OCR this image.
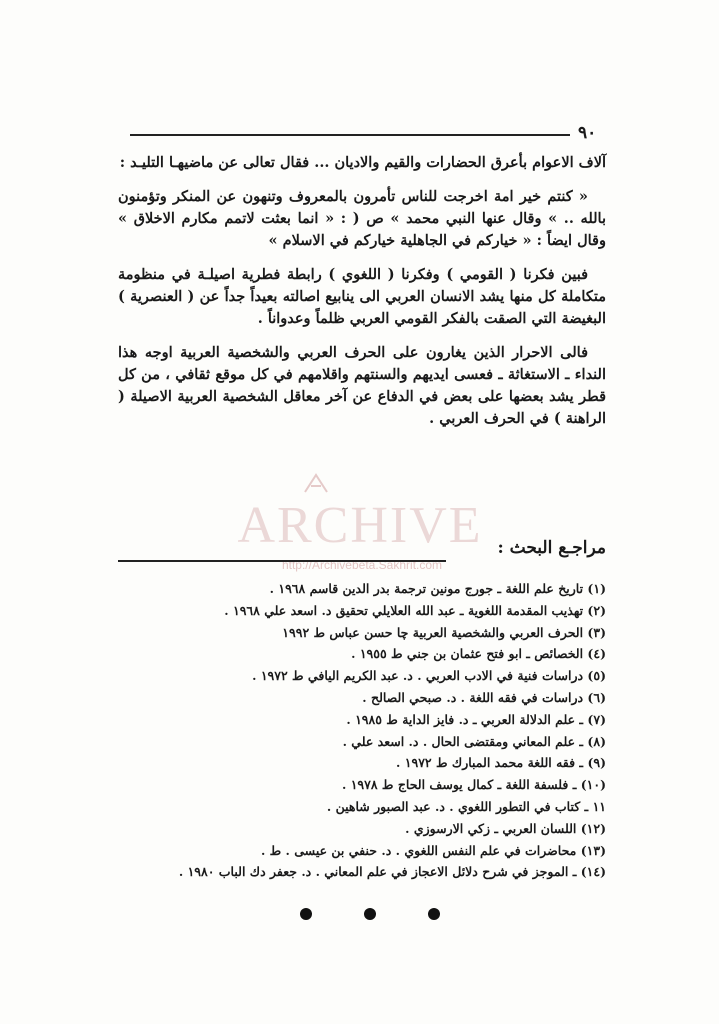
٩٠

آلاف الاعوام بأعرق الحضارات والقيم والاديان ... فقال تعالى عن ماضيهـا التليـد :

« كنتم خير امة اخرجت للناس تأمرون بالمعروف وتنهون عن المنكر وتؤمنون بالله .. » وقال عنها النبي محمد » ص ( : « انما بعثت لاتمم مكارم الاخلاق » وقال ايضاً : « خياركم في الجاهلية خياركم في الاسلام »

فبين فكرنا ( القومي ) وفكرنا ( اللغوي ) رابطة فطرية اصيلـة في منظومة متكاملة كل منها يشد الانسان العربي الى ينابيع اصالته بعيداً جداً عن ( العنصرية ) البغيضة التي الصقت بالفكر القومي العربي ظلماً وعدواناً .

فالى الاحرار الذين يغارون على الحرف العربي والشخصية العربية اوجه هذا النداء ـ الاستغاثة ـ فعسى ايديهم والسنتهم واقلامهم في كل موقع ثقافي ، من كل قطر يشد بعضها على بعض في الدفاع عن آخر معاقل الشخصية العربية الاصيلة ( الراهنة ) في الحرف العربي .

ARCHIVE
http://Archivebeta.Sakhrit.com
مراجـع البحث :
(١) تاريخ علم اللغة ـ جورج مونين ترجمة بدر الدين قاسم ١٩٦٨ .
(٢) تهذيب المقدمة اللغوية ـ عبد الله العلايلي تحقيق د. اسعد علي ١٩٦٨ .
(٣) الحرف العربي والشخصية العربية چا حسن عباس ط ١٩٩٢
(٤) الخصائص ـ ابو فتح عثمان بن جني ط ١٩٥٥ .
(٥) دراسات فنية في الادب العربي . د. عبد الكريم اليافي ط ١٩٧٢ .
(٦) دراسات في فقه اللغة . د. صبحي الصالح .
(٧) ـ علم الدلالة العربي ـ د. فايز الداية ط ١٩٨٥ .
(٨) ـ علم المعاني ومقتضى الحال . د. اسعد علي .
(٩) ـ فقه اللغة محمد المبارك ط ١٩٧٢ .
(١٠) ـ فلسفة اللغة ـ كمال يوسف الحاج ط ١٩٧٨ .
١١ ـ كتاب في التطور اللغوي . د. عبد الصبور شاهين .
(١٢) اللسان العربي ـ زكي الارسوزي .
(١٣) محاضرات في علم النفس اللغوي . د. حنفي بن عيسى . ط .
(١٤) ـ الموجز في شرح دلائل الاعجاز في علم المعاني . د. جعفر دك الباب ١٩٨٠ .
